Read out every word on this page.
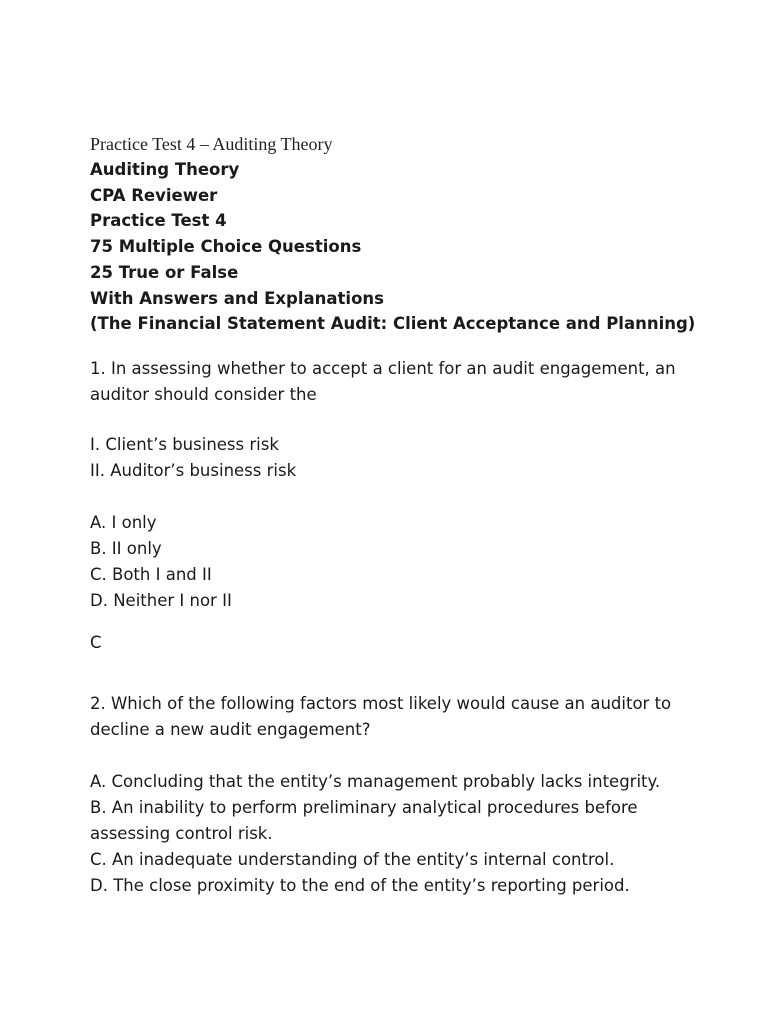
Practice Test 4 – Auditing Theory

Auditing Theory

CPA Reviewer

Practice Test 4

75 Multiple Choice Questions

25 True or False

With Answers and Explanations

(The Financial Statement Audit: Client Acceptance and Planning)

1. In assessing whether to accept a client for an audit engagement, an
auditor should consider the

I. Client’s business risk
II. Auditor’s business risk

A. I only
B. II only
C. Both I and II
D. Neither I nor II

C

2. Which of the following factors most likely would cause an auditor to
decline a new audit engagement?

A. Concluding that the entity’s management probably lacks integrity.
B. An inability to perform preliminary analytical procedures before
assessing control risk.
C. An inadequate understanding of the entity’s internal control.
D. The close proximity to the end of the entity’s reporting period.
